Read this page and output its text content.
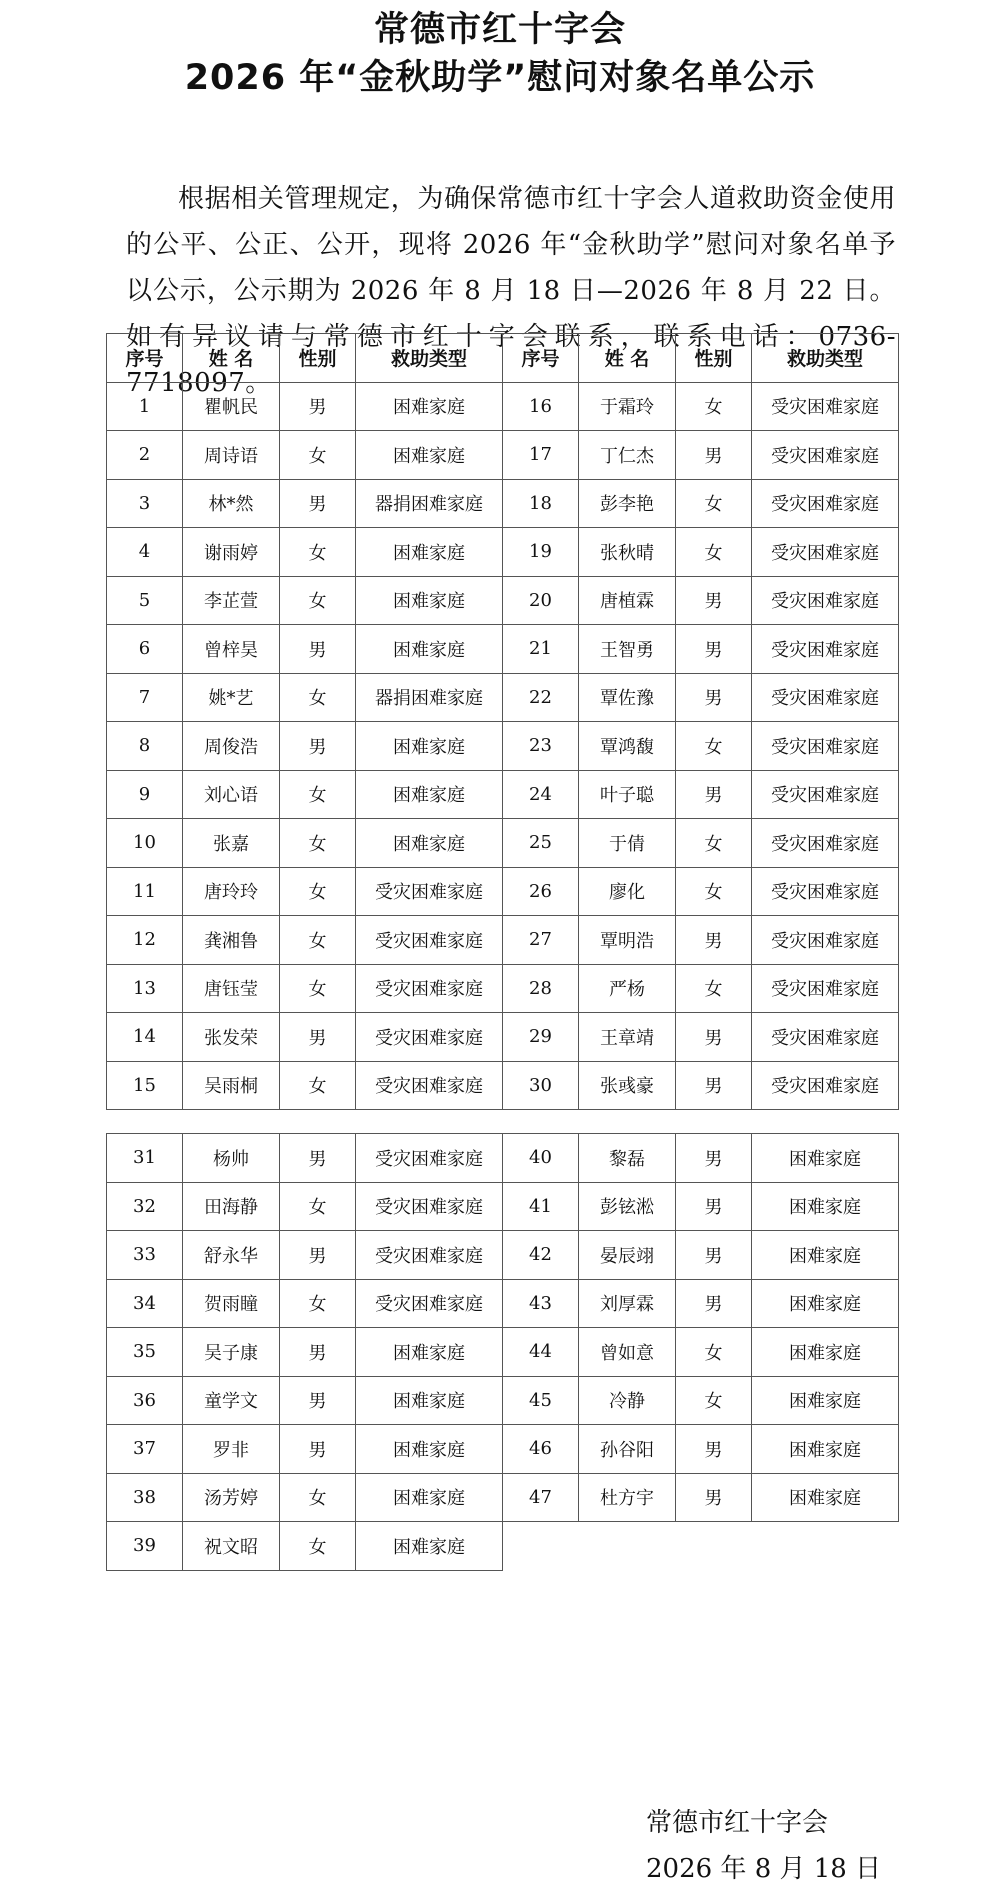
常德市红十字会
2026 年“金秋助学”慰问对象名单公示

根据相关管理规定，为确保常德市红十字会人道救助资金使用的公平、公正、公开，现将 2026 年“金秋助学”慰问对象名单予以公示，公示期为 2026 年 8 月 18 日—2026 年 8 月 22 日。如有异议请与常德市红十字会联系，联系电话：0736-7718097。

序号	姓 名	性别	救助类型	序号	姓 名	性别	救助类型
1	瞿帆民	男	困难家庭	16	于霜玲	女	受灾困难家庭
2	周诗语	女	困难家庭	17	丁仁杰	男	受灾困难家庭
3	林*然	男	器捐困难家庭	18	彭李艳	女	受灾困难家庭
4	谢雨婷	女	困难家庭	19	张秋晴	女	受灾困难家庭
5	李芷萱	女	困难家庭	20	唐植霖	男	受灾困难家庭
6	曾梓昊	男	困难家庭	21	王智勇	男	受灾困难家庭
7	姚*艺	女	器捐困难家庭	22	覃佐豫	男	受灾困难家庭
8	周俊浩	男	困难家庭	23	覃鸿馥	女	受灾困难家庭
9	刘心语	女	困难家庭	24	叶子聪	男	受灾困难家庭
10	张嘉	女	困难家庭	25	于倩	女	受灾困难家庭
11	唐玲玲	女	受灾困难家庭	26	廖化	女	受灾困难家庭
12	龚湘鲁	女	受灾困难家庭	27	覃明浩	男	受灾困难家庭
13	唐钰莹	女	受灾困难家庭	28	严杨	女	受灾困难家庭
14	张发荣	男	受灾困难家庭	29	王章靖	男	受灾困难家庭
15	吴雨桐	女	受灾困难家庭	30	张彧豪	男	受灾困难家庭
31	杨帅	男	受灾困难家庭	40	黎磊	男	困难家庭
32	田海静	女	受灾困难家庭	41	彭铉淞	男	困难家庭
33	舒永华	男	受灾困难家庭	42	晏辰翊	男	困难家庭
34	贺雨瞳	女	受灾困难家庭	43	刘厚霖	男	困难家庭
35	吴子康	男	困难家庭	44	曾如意	女	困难家庭
36	童学文	男	困难家庭	45	冷静	女	困难家庭
37	罗非	男	困难家庭	46	孙谷阳	男	困难家庭
38	汤芳婷	女	困难家庭	47	杜方宇	男	困难家庭
39	祝文昭	女	困难家庭				
常德市红十字会
2026 年 8 月 18 日
